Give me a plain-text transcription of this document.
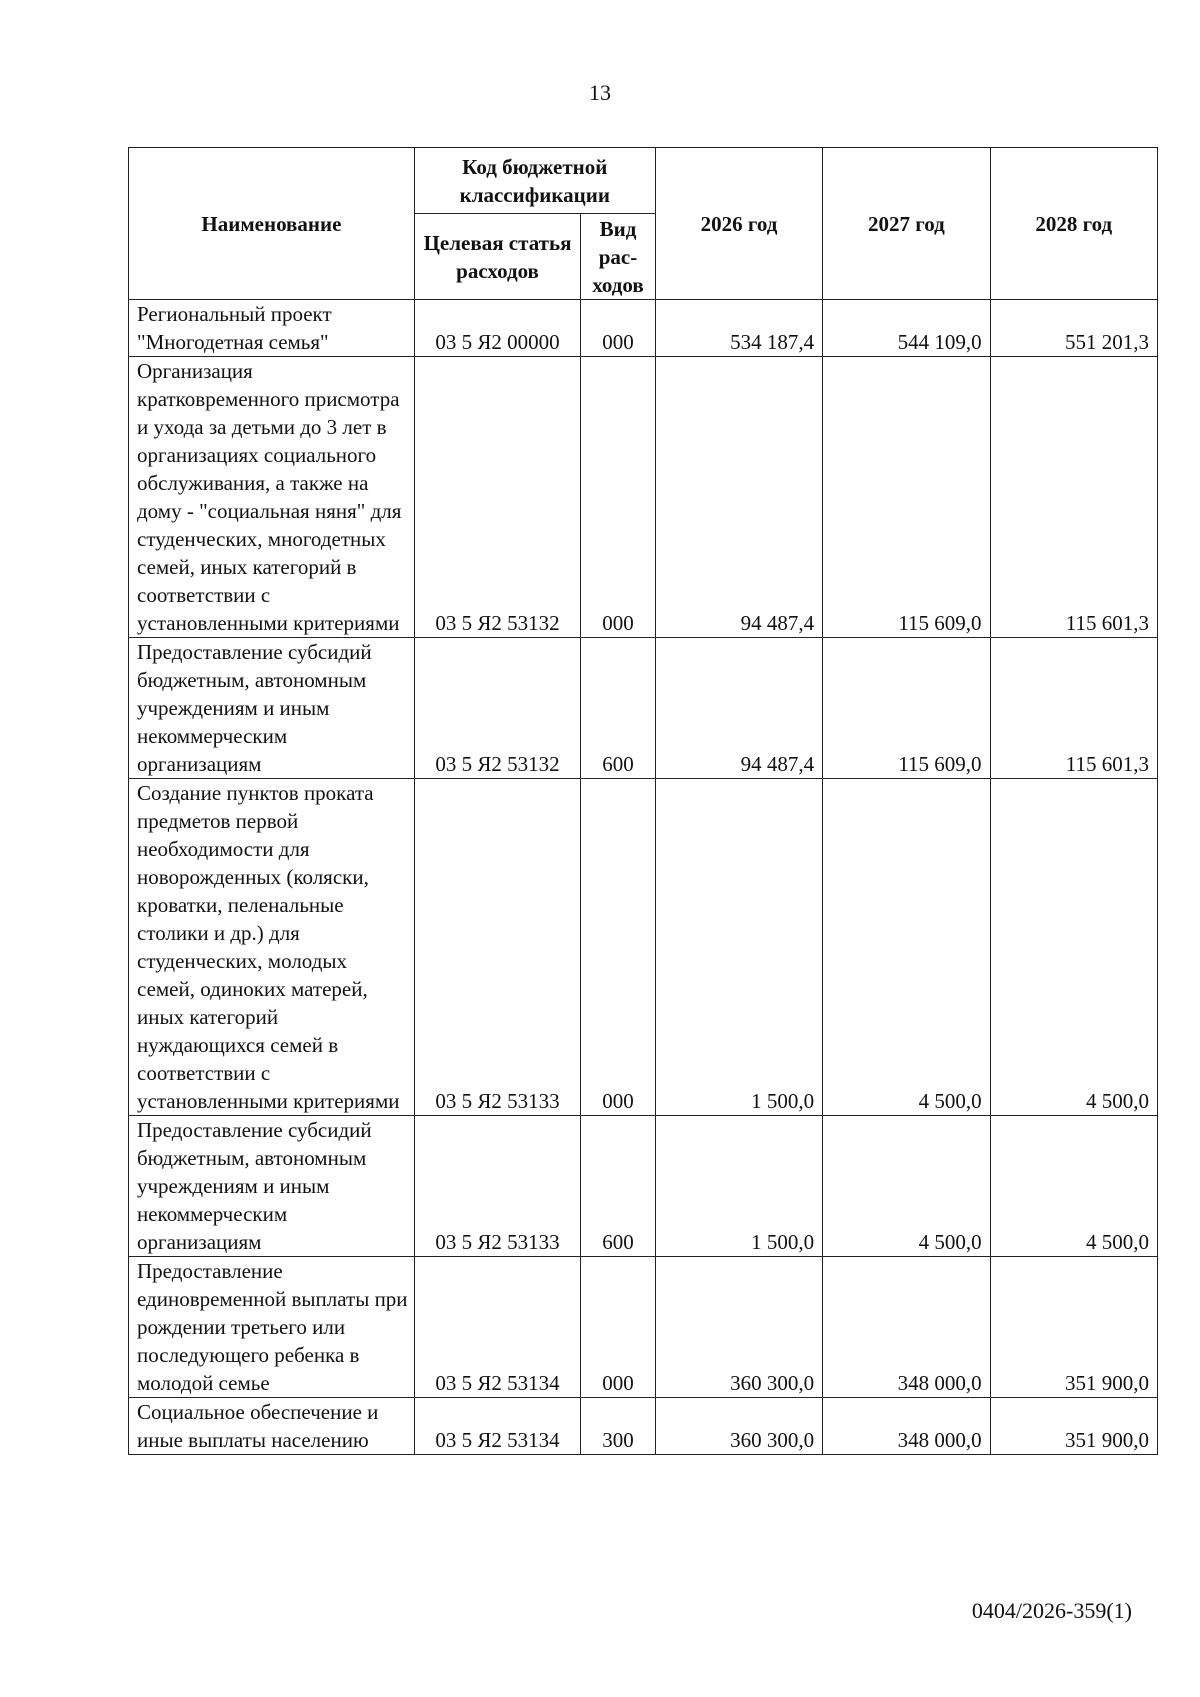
13
Наименование	Код бюджетной классификации		2026 год	2027 год	2028 год
	Целевая статья расходов	Вид рас-ходов			
Региональный проект "Многодетная семья"	03 5 Я2 00000	000	534 187,4	544 109,0	551 201,3
Организация кратковременного присмотра и ухода за детьми до 3 лет в организациях социального обслуживания, а также на дому - "социальная няня" для студенческих, многодетных семей, иных категорий в соответствии с установленными критериями	03 5 Я2 53132	000	94 487,4	115 609,0	115 601,3
Предоставление субсидий бюджетным, автономным учреждениям и иным некоммерческим организациям	03 5 Я2 53132	600	94 487,4	115 609,0	115 601,3
Создание пунктов проката предметов первой необходимости для новорожденных (коляски, кроватки, пеленальные столики и др.) для студенческих, молодых семей, одиноких матерей, иных категорий нуждающихся семей в соответствии с установленными критериями	03 5 Я2 53133	000	1 500,0	4 500,0	4 500,0
Предоставление субсидий бюджетным, автономным учреждениям и иным некоммерческим организациям	03 5 Я2 53133	600	1 500,0	4 500,0	4 500,0
Предоставление единовременной выплаты при рождении третьего или последующего ребенка в молодой семье	03 5 Я2 53134	000	360 300,0	348 000,0	351 900,0
Социальное обеспечение и иные выплаты населению	03 5 Я2 53134	300	360 300,0	348 000,0	351 900,0
0404/2026-359(1)
